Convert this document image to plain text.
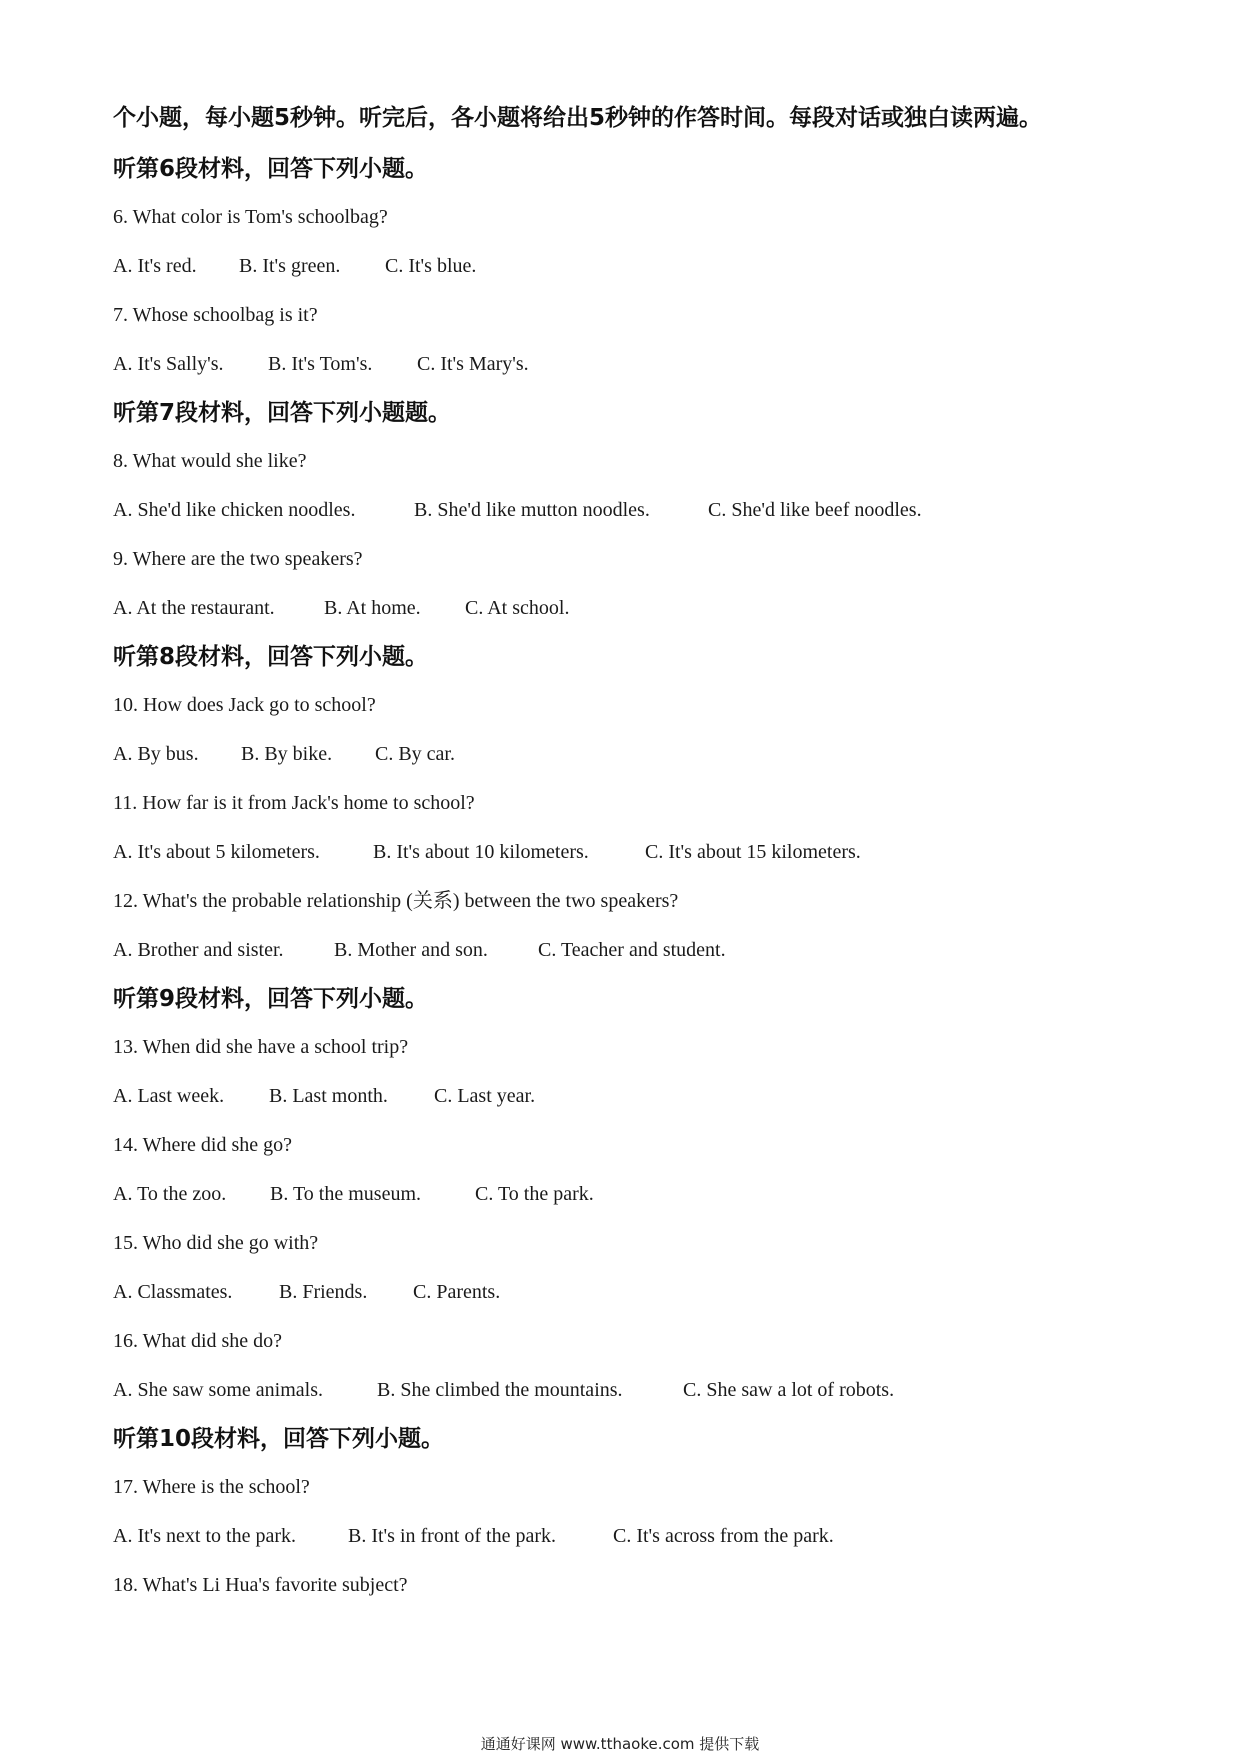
个小题，每小题5秒钟。听完后，各小题将给出5秒钟的作答时间。每段对话或独白读两遍。
听第6段材料，回答下列小题。
6. What color is Tom's schoolbag?
A. It's red. B. It's green. C. It's blue.
7. Whose schoolbag is it?
A. It's Sally's. B. It's Tom's. C. It's Mary's.
听第7段材料，回答下列小题题。
8. What would she like?
A. She'd like chicken noodles.	B. She'd like mutton noodles.	C. She'd like beef noodles.
9. Where are the two speakers?
A. At the restaurant. B. At home. C. At school.
听第8段材料，回答下列小题。
10. How does Jack go to school?
A. By bus. B. By bike. C. By car.
11. How far is it from Jack's home to school?
A. It's about 5 kilometers.	B. It's about 10 kilometers.	C. It's about 15 kilometers.
12. What's the probable relationship (关系) between the two speakers?
A. Brother and sister.	B. Mother and son.	C. Teacher and student.
听第9段材料，回答下列小题。
13. When did she have a school trip?
A. Last week. B. Last month. C. Last year.
14. Where did she go?
A. To the zoo. B. To the museum.	C. To the park.
15. Who did she go with?
A. Classmates. B. Friends. C. Parents.
16. What did she do?
A. She saw some animals.	B. She climbed the mountains.	C. She saw a lot of robots.
听第10段材料，回答下列小题。
17. Where is the school?
A. It's next to the park.	B. It's in front of the park.	C. It's across from the park.
18. What's Li Hua's favorite subject?
通通好课网 www.tthaoke.com 提供下载
